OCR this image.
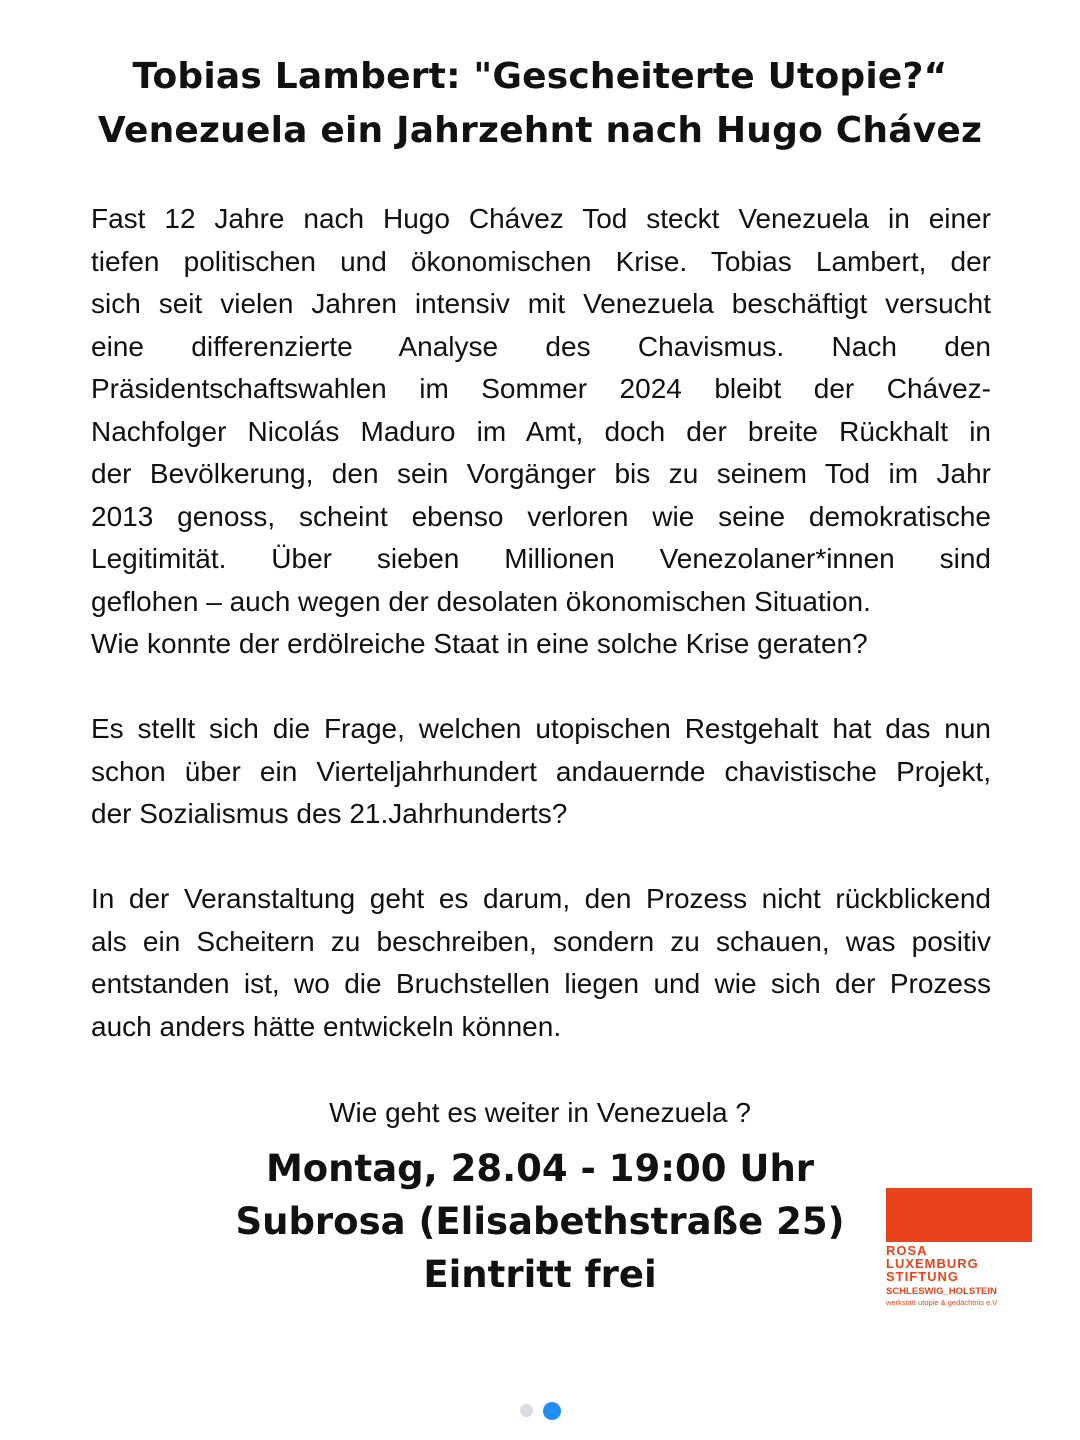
Tobias Lambert: "Gescheiterte Utopie?“
Venezuela ein Jahrzehnt nach Hugo Chávez

Fast 12 Jahre nach Hugo Chávez Tod steckt Venezuela in einer
tiefen politischen und ökonomischen Krise. Tobias Lambert, der
sich seit vielen Jahren intensiv mit Venezuela beschäftigt versucht
eine differenzierte Analyse des Chavismus. Nach den
Präsidentschaftswahlen im Sommer 2024 bleibt der Chávez-
Nachfolger Nicolás Maduro im Amt, doch der breite Rückhalt in
der Bevölkerung, den sein Vorgänger bis zu seinem Tod im Jahr
2013 genoss, scheint ebenso verloren wie seine demokratische
Legitimität. Über sieben Millionen Venezolaner*innen sind
geflohen – auch wegen der desolaten ökonomischen Situation.
Wie konnte der erdölreiche Staat in eine solche Krise geraten?

Es stellt sich die Frage, welchen utopischen Restgehalt hat das nun
schon über ein Vierteljahrhundert andauernde chavistische Projekt,
der Sozialismus des 21.Jahrhunderts?

In der Veranstaltung geht es darum, den Prozess nicht rückblickend
als ein Scheitern zu beschreiben, sondern zu schauen, was positiv
entstanden ist, wo die Bruchstellen liegen und wie sich der Prozess
auch anders hätte entwickeln können.

Wie geht es weiter in Venezuela ?

Montag, 28.04 - 19:00 Uhr
Subrosa (Elisabethstraße 25)
Eintritt frei
ROSA
LUXEMBURG
STIFTUNG
SCHLESWIG_HOLSTEIN
werkstatt utopie & gedächtnis e.V
